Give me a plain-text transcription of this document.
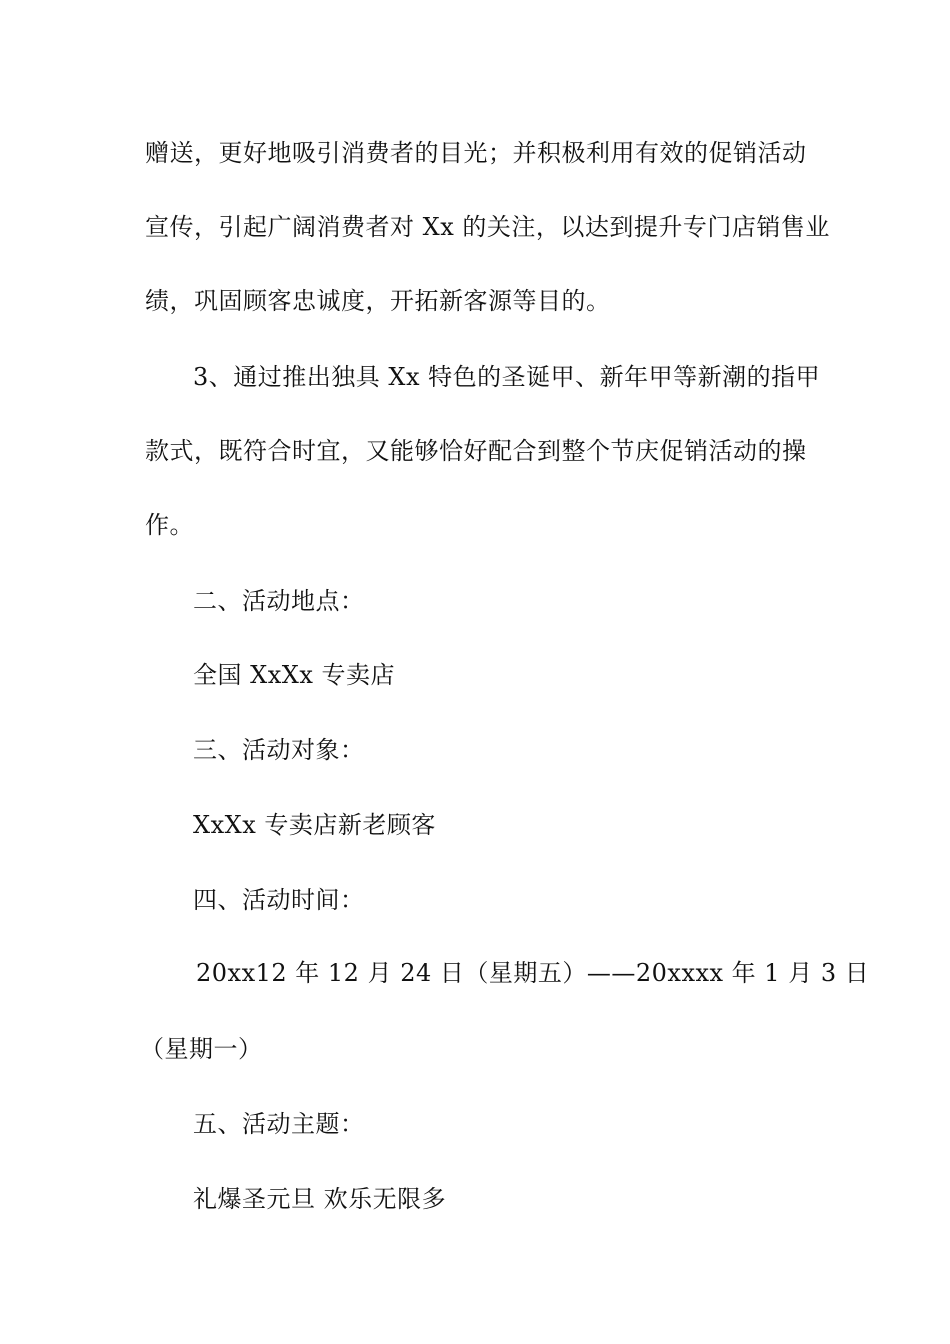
赠送，更好地吸引消费者的目光；并积极利用有效的促销活动
宣传，引起广阔消费者对 Xx 的关注，以达到提升专门店销售业
绩，巩固顾客忠诚度，开拓新客源等目的。
3、通过推出独具 Xx 特色的圣诞甲、新年甲等新潮的指甲
款式，既符合时宜，又能够恰好配合到整个节庆促销活动的操
作。
二、活动地点：
全国 XxXx 专卖店
三、活动对象：
XxXx 专卖店新老顾客
四、活动时间：
20xx12 年 12 月 24 日（星期五）——20xxxx 年 1 月 3 日
（星期一）
五、活动主题：
礼爆圣元旦 欢乐无限多
